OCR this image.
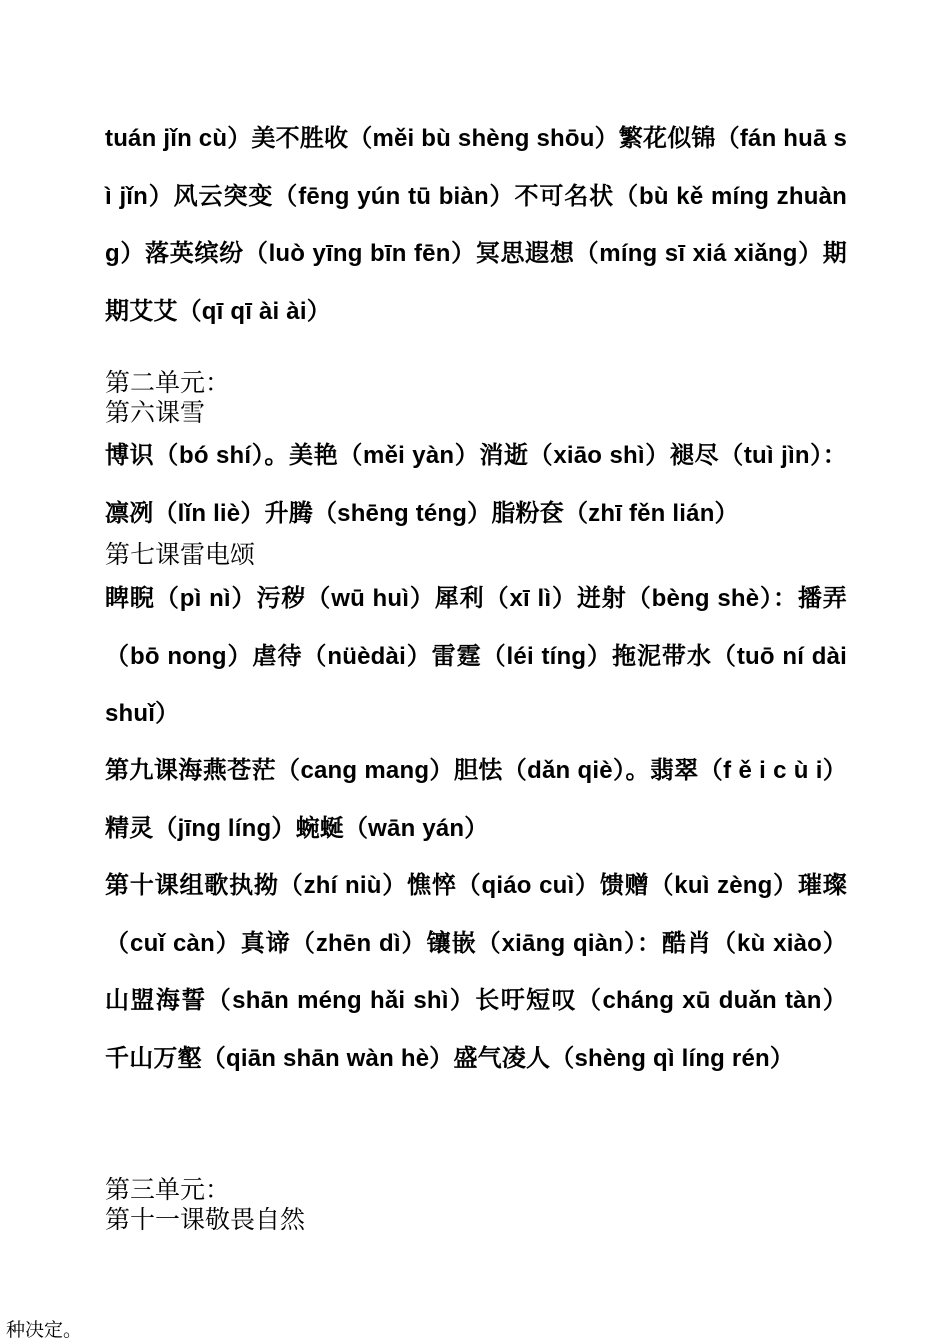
tuán jǐn cù）美不胜收（měi bù shèng shōu）繁花似锦（fán huā sì jǐn）风云突变（fēng yún tū biàn）不可名状（bù kě míng zhuàng）落英缤纷（luò yīng bīn fēn）冥思遐想（míng sī xiá xiǎng）期期艾艾（qī qī ài ài）
第二单元：
第六课雪
博识（bó shí）。美艳（měi yàn）消逝（xiāo shì）褪尽（tuì jìn）：凛冽（lǐn liè）升腾（shēng téng）脂粉奁（zhī fěn lián）
第七课雷电颂
睥睨（pì nì）污秽（wū huì）犀利（xī lì）迸射（bèng shè）：播弄（bō nong）虐待（nüèdài）雷霆（léi tíng）拖泥带水（tuō ní dài shuǐ）
第九课海燕苍茫（cang mang）胆怯（dǎn qiè）。翡翠（f ě i c ù i）精灵（jīng líng）蜿蜒（wān yán）
第十课组歌执拗（zhí niù）憔悴（qiáo cuì）馈赠（kuì zèng）璀璨（cuǐ càn）真谛（zhēn dì）镶嵌（xiāng qiàn）：酷肖（kù xiào）山盟海誓（shān méng hǎi shì）长吁短叹（cháng xū duǎn tàn）千山万壑（qiān shān wàn hè）盛气凌人（shèng qì líng rén）
第三单元：
第十一课敬畏自然
种决定。
